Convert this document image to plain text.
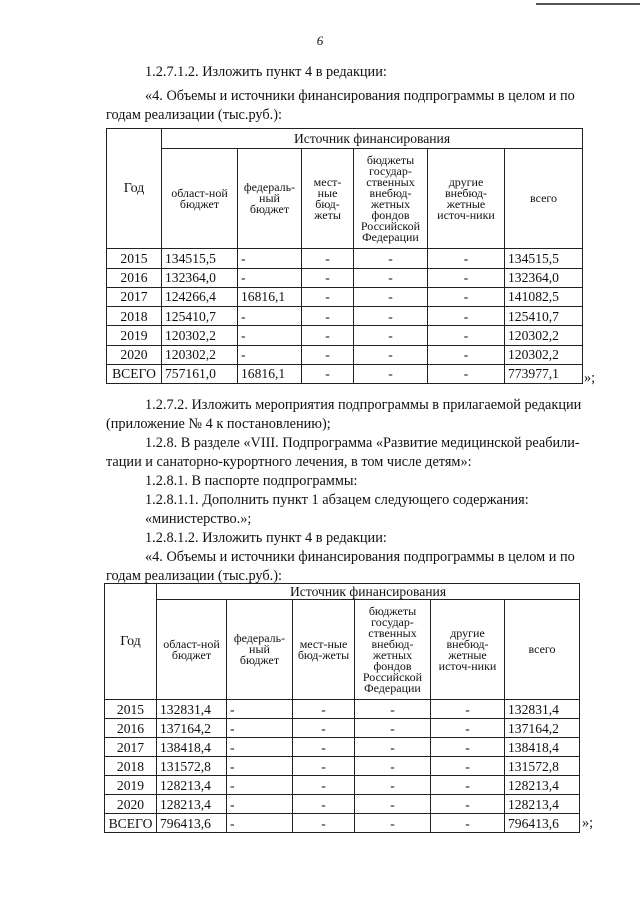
6
1.2.7.1.2. Изложить пункт 4 в редакции:
«4. Объемы и источники финансирования подпрограммы в целом и по
годам реализации (тыс.руб.):
Год	Источник финансирования					
	област-ной бюджет	федераль-ный бюджет	мест-ные бюд-жеты	бюджеты государ-ственных внебюд-жетных фондов Российской Федерации	другие внебюд-жетные источ-ники	всего
2015	134515,5	-	-	-	-	134515,5
2016	132364,0	-	-	-	-	132364,0
2017	124266,4	16816,1	-	-	-	141082,5
2018	125410,7	-	-	-	-	125410,7
2019	120302,2	-	-	-	-	120302,2
2020	120302,2	-	-	-	-	120302,2
ВСЕГО	757161,0	16816,1	-	-	-	773977,1 »;
1.2.7.2. Изложить мероприятия подпрограммы в прилагаемой редакции
(приложение № 4 к постановлению);
1.2.8. В разделе «VIII. Подпрограмма «Развитие медицинской реабили-
тации и санаторно-курортного лечения, в том числе детям»:
1.2.8.1. В паспорте подпрограммы:
1.2.8.1.1. Дополнить пункт 1 абзацем следующего содержания:
«министерство.»;
1.2.8.1.2. Изложить пункт 4 в редакции:
«4. Объемы и источники финансирования подпрограммы в целом и по
годам реализации (тыс.руб.):
Год	Источник финансирования					
	област-ной бюджет	федераль-ный бюджет	мест-ные бюд-жеты	бюджеты государ-ственных внебюд-жетных фондов Российской Федерации	другие внебюд-жетные источ-ники	всего
2015	132831,4	-	-	-	-	132831,4
2016	137164,2	-	-	-	-	137164,2
2017	138418,4	-	-	-	-	138418,4
2018	131572,8	-	-	-	-	131572,8
2019	128213,4	-	-	-	-	128213,4
2020	128213,4	-	-	-	-	128213,4
ВСЕГО	796413,6	-	-	-	-	796413,6 »;
